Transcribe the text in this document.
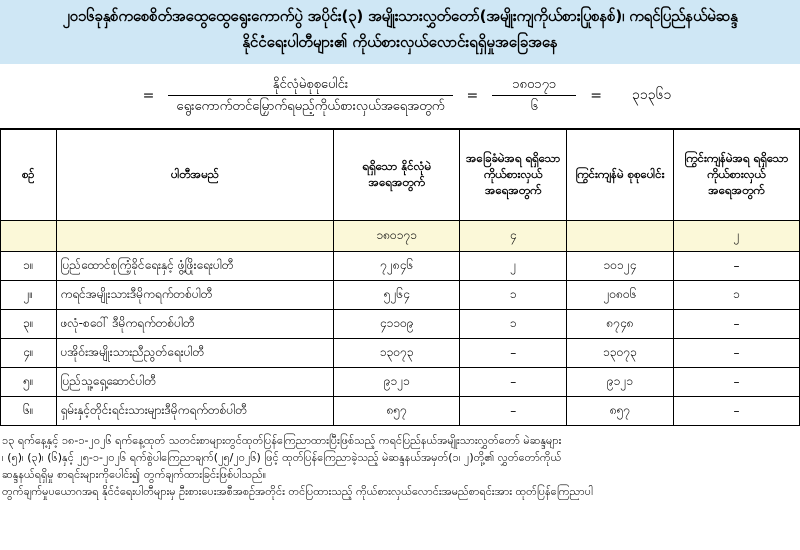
၂၀၁၆ခုနှစ်ကစေစိတ်အထွေထွေရွေးကောက်ပွဲ အပိုင်း(၃) အမျိုးသားလွှတ်တော်(အမျိုးကျကိုယ်စားပြုစနစ်)၊ ကရင်ပြည်နယ်မဲဆန္ဒ
နိုင်ငံရေးပါတီများ၏ ကိုယ်စားလှယ်လောင်းရရှိမှုအခြေအနေ
=	$\frac{\text{နိုင်လုံမဲစုစုပေါင်း}}{\text{ရွေးကောက်တင်မြှောက်ရမည့်ကိုယ်စားလှယ်အရေအတွက်}}$	=	$\frac{၁၈၀၁၇၁}{၆}$	=	၃၁၃၆၁
စဉ်	ပါတီအမည်	ရရှိသော နိုင်လုံမဲ အရေအတွက်	အခြေခံမဲအရ ရရှိသော ကိုယ်စားလှယ် အရေအတွက်	ကြွင်းကျန်မဲ စုစုပေါင်း	ကြွင်းကျန်မဲအရ ရရှိသော ကိုယ်စားလှယ် အရေအတွက်
		၁၈၀၁၇၁	၄		၂
၁။	ပြည်ထောင်စုကြံ့ခိုင်ရေးနှင့် ဖွံ့ဖြိုးရေးပါတီ	၇၂၈၄၆	၂	၁၀၁၂၄	–
၂။	ကရင်အမျိုးသားဒီမိုကရက်တစ်ပါတီ	၅၂၆၄	၁	၂၀၈၀၆	၁
၃။	ဖလုံ-စဝေါ် ဒီမိုကရက်တစ်ပါတီ	၄၁၁၀၉	၁	၈၇၄၈	–
၄။	ပအိုဝ်းအမျိုးသားညီညွတ်ရေးပါတီ	၁၃၀၇၃	–	၁၃၀၇၃	–
၅။	ပြည်သူ့ရှေ့ဆောင်ပါတီ	၉၁၂၁	–	၉၁၂၁	–
၆။	ရှမ်းနှင့်တိုင်းရင်းသားများဒီမိုကရက်တစ်ပါတီ	၈၅၇	–	၈၅၇	–
၁၃ ရက်နေ့နှင့် ၁၈-၁-၂၀၂၆ ရက်နေ့ထုတ် သတင်းစာများတွင်ထုတ်ပြန်ကြေညာထားပြီးဖြစ်သည့် ကရင်ပြည်နယ်အမျိုးသားလွှတ်တော် မဲဆန္ဒများ
၊ (၅)၊ (၃)၊ (၆)နှင့် ၂၅-၁-၂၀၂၆ ရက်စွဲပါကြေညာချက်(၂၅/၂၀၂၆) ဖြင့် ထုတ်ပြန်ကြေညာခဲ့သည့် မဲဆန္ဒနယ်အမှတ်(၁၊ ၂)တို့၏ လွှတ်တော်ကိုယ်
ဆန္ဒနယ်ရရှိမှု စာရင်းများကိုပေါင်း၍ တွက်ချက်ထားခြင်းဖြစ်ပါသည်။
တွက်ချက်မှုပယောဂအရ နိုင်ငံရေးပါတီများမှ ဦးစားပေးအစီအစဉ်အတိုင်း တင်ပြထားသည့် ကိုယ်စားလှယ်လောင်းအမည်စာရင်းအား ထုတ်ပြန်ကြေညာပါ
